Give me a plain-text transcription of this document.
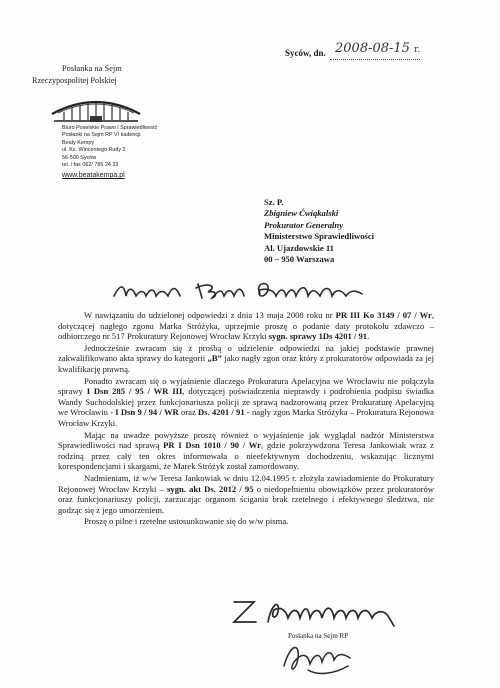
Posłanka na Sejm
Rzeczypospolitej Polskiej
Biuro Poselskie Prawo i Sprawiedliwość
Posłanki na Sejm RP VI kadencji
Beaty Kempy
ul. Ks. Wincentego Rudy 2
56-500 Syców
tel. / fax 062/ 785 24 33
www.beatakempa.pl
Syców, dn. 2008-08-15 r.
Sz. P.
Zbigniew Ćwiąkalski
Prokurator Generalny
Ministerstwo Sprawiedliwości
Al. Ujazdowskie 11
00 – 950 Warszawa

W nawiązaniu do udzielonej odpowiedzi z dnia 13 maja 2008 roku nr PR III Ko 3149 / 07 / Wr, dotyczącej nagłego zgonu Marka Stróżyka, uprzejmie proszę o podanie daty protokołu zdawczo – odbiorczego nr 517 Prokuratury Rejonowej Wrocław Krzyki sygn. sprawy 1Ds 4201 / 91.

Jednocześnie zwracam się z prośbą o udzielenie odpowiedzi na jakiej podstawie prawnej zakwalifikowano akta sprawy do kategorii „B” jako nagły zgon oraz który z prokuratorów odpowiada za jej kwalifikację prawną.

Ponadto zwracam się o wyjaśnienie dlaczego Prokuratura Apelacyjna we Wrocławiu nie połączyła sprawy I Dsn 285 / 95 / WR III, dotyczącej poświadczenia nieprawdy i podrobienia podpisu świadka Wandy Suchodolskiej przez funkcjonariusza policji ze sprawą nadzorowaną przez Prokuraturę Apelacyjną we Wrocławiu - I Dsn 9 / 94 / WR oraz Ds. 4201 / 91 - nagły zgon Marka Stróżyka – Prokuratura Rejonowa Wrocław Krzyki.

Mając na uwadze powyższe proszę również o wyjaśnienie jak wyglądał nadzór Ministerstwa Sprawiedliwości nad sprawą PR I Dsn 1010 / 90 / Wr, gdzie pokrzywdzona Teresa Jankowiak wraz z rodziną przez cały ten okres informowała o nieefektywnym dochodzeniu, wskazując licznymi korespondencjami i skargami, że Marek Stróżyk został zamordowany.

Nadmieniam, iż w/w Teresa Jankowiak w dniu 12.04.1995 r. złożyła zawiadomienie do Prokuratury Rejonowej Wrocław Krzyki – sygn. akt Ds. 2012 / 95 o niedopełnieniu obowiązków przez prokuratorów oraz funkcjonariuszy policji, zarzucając organom ścigania brak rzetelnego i efektywnego śledztwa, nie godząc się z jego umorzeniem.

Proszę o pilne i rzetelne ustosunkowanie się do w/w pisma.

Posłanka na Sejm RP
